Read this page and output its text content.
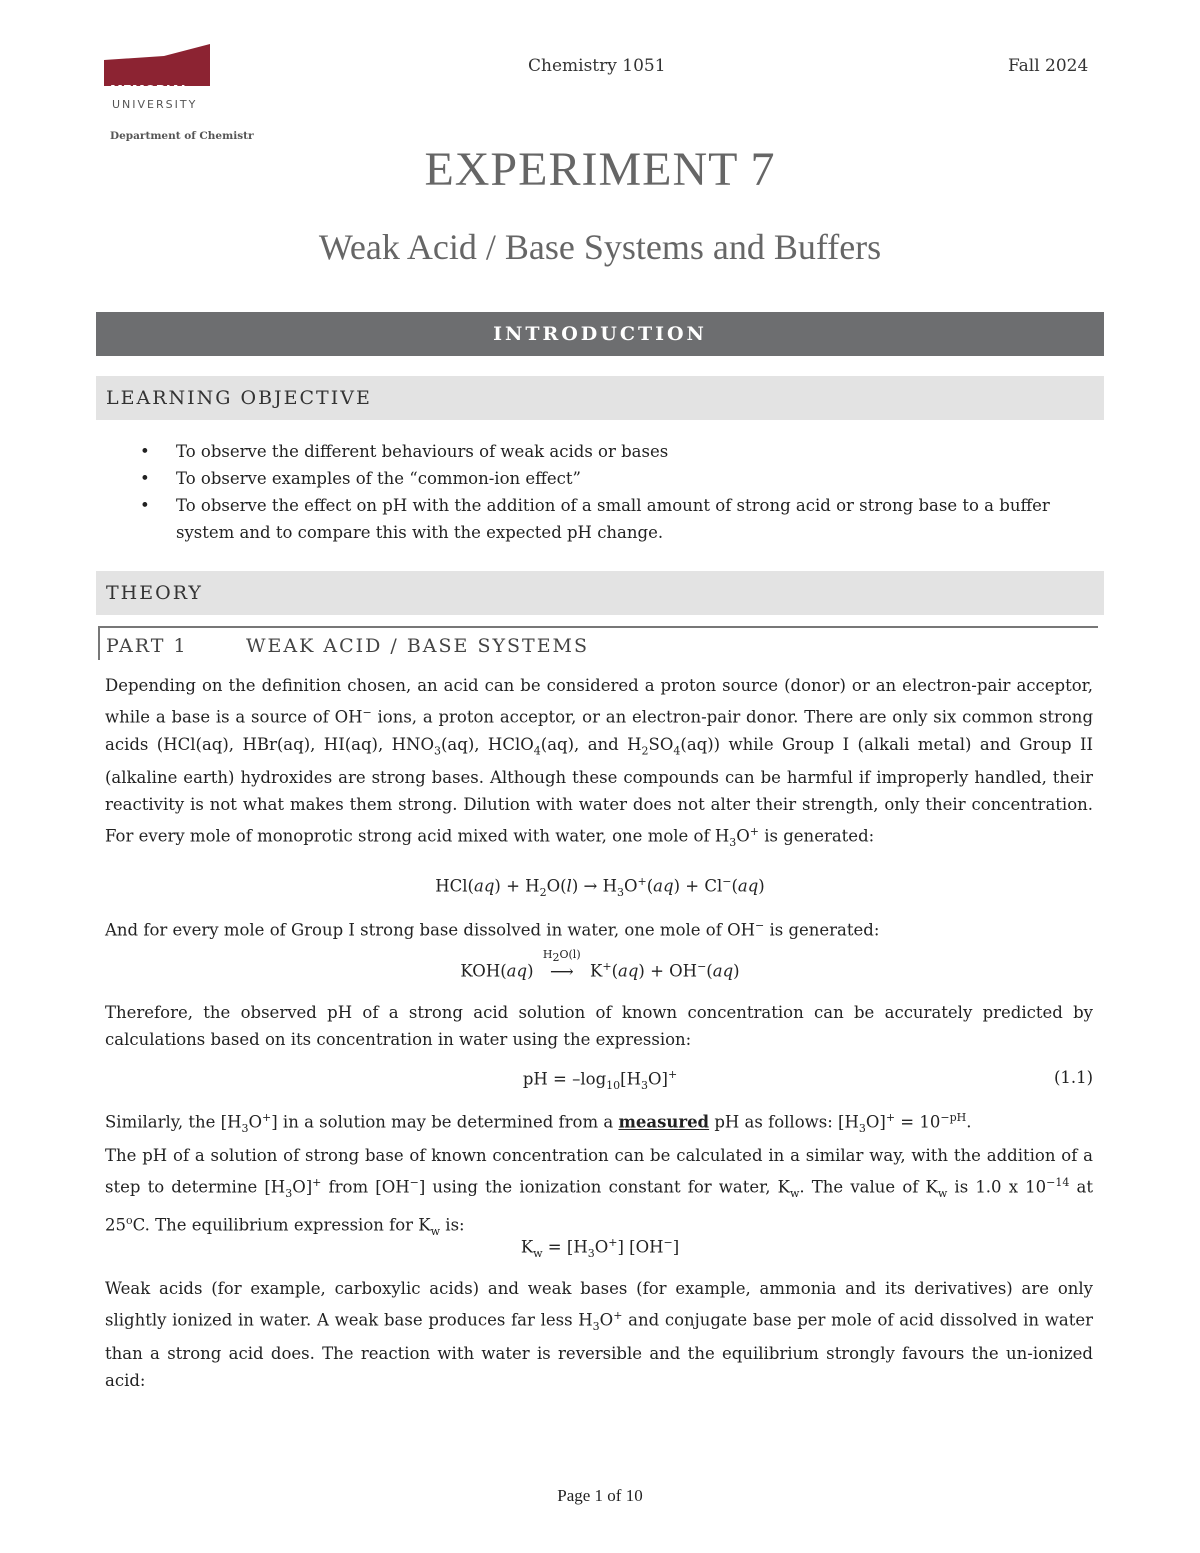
Chemistry 1051	Fall 2024
MEMORIAL
UNIVERSITY
Department of Chemistry
EXPERIMENT 7
Weak Acid / Base Systems and Buffers
INTRODUCTION
LEARNING OBJECTIVE
• To observe the different behaviours of weak acids or bases
• To observe examples of the “common-ion effect”
• To observe the effect on pH with the addition of a small amount of strong acid or strong base to a buffer system and to compare this with the expected pH change.
THEORY
PART 1	WEAK ACID / BASE SYSTEMS

Depending on the definition chosen, an acid can be considered a proton source (donor) or an electron-pair acceptor, while a base is a source of OH− ions, a proton acceptor, or an electron-pair donor. There are only six common strong acids (HCl(aq), HBr(aq), HI(aq), $HNO_3(aq)$, HClO$_4$(aq), and $H_2SO_4(aq)$) while Group I (alkali metal) and Group II (alkaline earth) hydroxides are strong bases. Although these compounds can be harmful if improperly handled, their reactivity is not what makes them strong. Dilution with water does not alter their strength, only their concentration. For every mole of monoprotic strong acid mixed with water, one mole of $H_3O^+$ is generated:

$HCl(aq) + H_2O(l) \to H_3O^+(aq) + Cl^-(aq)$

And for every mole of Group I strong base dissolved in water, one mole of OH− is generated:

KOH(aq)
$H_2O(l)$
⟶ K+(aq) + OH−(aq)

Therefore, the observed pH of a strong acid solution of known concentration can be accurately predicted by calculations based on its concentration in water using the expression:

pH = $-\log_{10}[H_3O]^+$	(1.1)

Similarly, the $[H_3O^+]$ in a solution may be determined from a measured pH as follows: $[H_3O]^+ = 10^{-pH}$.

The pH of a solution of strong base of known concentration can be calculated in a similar way, with the addition of a step to determine $[H_3O]^+$ from [OH−] using the ionization constant for water, $K_w$. The value of $K_w$ is 1.0 x $10^{-14}$ at 25$^o$C. The equilibrium expression for $K_w$ is:

$K_w = [H_3O^+]$ [OH−]

Weak acids (for example, carboxylic acids) and weak bases (for example, ammonia and its derivatives) are only slightly ionized in water. A weak base produces far less $H_3O^+$ and conjugate base per mole of acid dissolved in water than a strong acid does. The reaction with water is reversible and the equilibrium strongly favours the un-ionized acid:

Page 1 of 10
